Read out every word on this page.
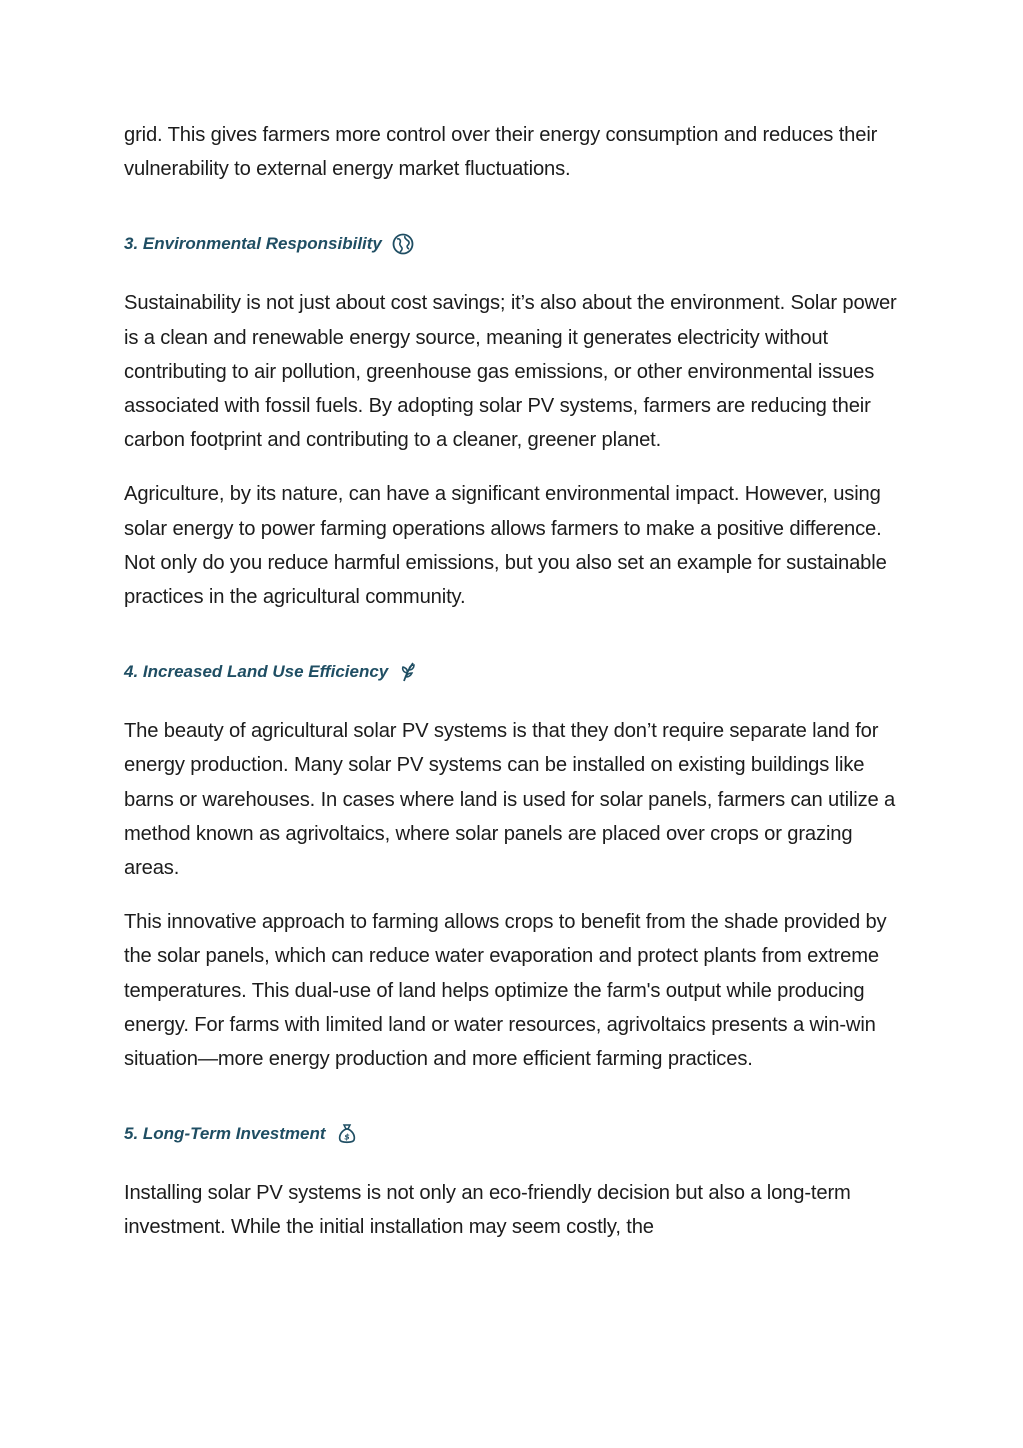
grid. This gives farmers more control over their energy consumption and reduces their vulnerability to external energy market fluctuations.

3. Environmental Responsibility

Sustainability is not just about cost savings; it’s also about the environment. Solar power is a clean and renewable energy source, meaning it generates electricity without contributing to air pollution, greenhouse gas emissions, or other environmental issues associated with fossil fuels. By adopting solar PV systems, farmers are reducing their carbon footprint and contributing to a cleaner, greener planet.

Agriculture, by its nature, can have a significant environmental impact. However, using solar energy to power farming operations allows farmers to make a positive difference. Not only do you reduce harmful emissions, but you also set an example for sustainable practices in the agricultural community.

4. Increased Land Use Efficiency

The beauty of agricultural solar PV systems is that they don’t require separate land for energy production. Many solar PV systems can be installed on existing buildings like barns or warehouses. In cases where land is used for solar panels, farmers can utilize a method known as agrivoltaics, where solar panels are placed over crops or grazing areas.

This innovative approach to farming allows crops to benefit from the shade provided by the solar panels, which can reduce water evaporation and protect plants from extreme temperatures. This dual-use of land helps optimize the farm's output while producing energy. For farms with limited land or water resources, agrivoltaics presents a win-win situation—more energy production and more efficient farming practices.

5. Long-Term Investment $

Installing solar PV systems is not only an eco-friendly decision but also a long-term investment. While the initial installation may seem costly, the
